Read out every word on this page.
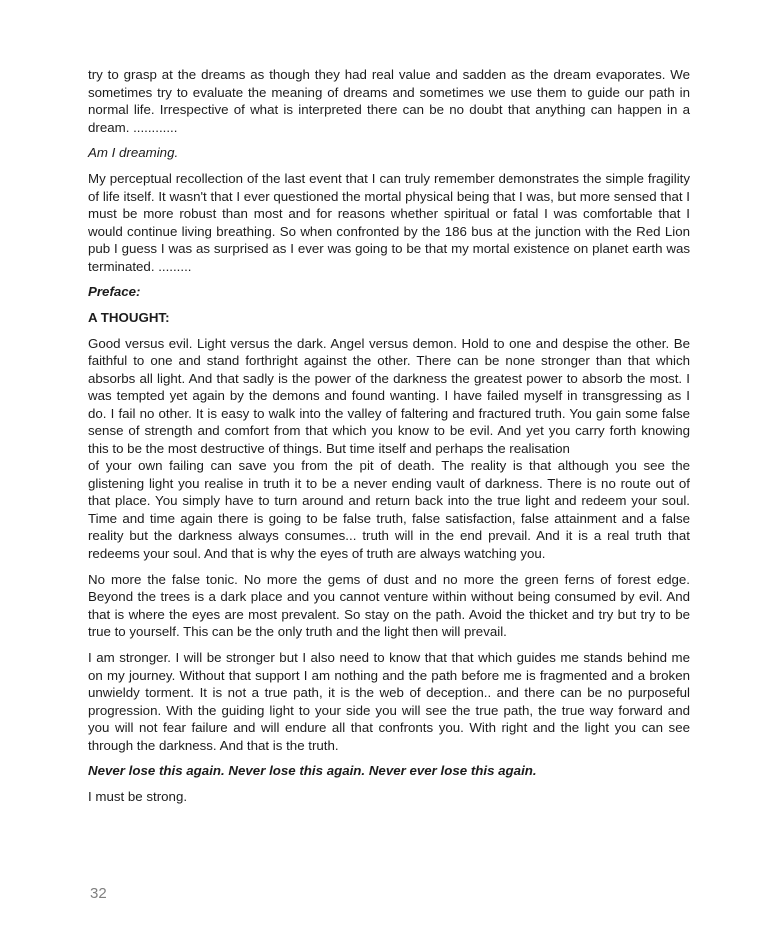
try to grasp at the dreams as though they had real value and sadden as the dream evaporates. We sometimes try to evaluate the meaning of dreams and sometimes we use them to guide our path in normal life. Irrespective of what is interpreted there can be no doubt that anything can happen in a dream. ............

Am I dreaming.

My perceptual recollection of the last event that I can truly remember demonstrates the simple fragility of life itself. It wasn't that I ever questioned the mortal physical being that I was, but more sensed that I must be more robust than most and for reasons whether spiritual or fatal I was comfortable that I would continue living breathing. So when confronted by the 186 bus at the junction with the Red Lion pub I guess I was as surprised as I ever was going to be that my mortal existence on planet earth was terminated. .........

Preface:

A THOUGHT:

Good versus evil. Light versus the dark. Angel versus demon. Hold to one and despise the other. Be faithful to one and stand forthright against the other. There can be none stronger than that which absorbs all light. And that sadly is the power of the darkness the greatest power to absorb the most. I was tempted yet again by the demons and found wanting. I have failed myself in transgressing as I do. I fail no other. It is easy to walk into the valley of faltering and fractured truth. You gain some false sense of strength and comfort from that which you know to be evil. And yet you carry forth knowing this to be the most destructive of things. But time itself and perhaps the realisation
of your own failing can save you from the pit of death. The reality is that although you see the glistening light you realise in truth it to be a never ending vault of darkness. There is no route out of that place. You simply have to turn around and return back into the true light and redeem your soul. Time and time again there is going to be false truth, false satisfaction, false attainment and a false reality but the darkness always consumes... truth will in the end prevail. And it is a real truth that redeems your soul. And that is why the eyes of truth are always watching you.

No more the false tonic. No more the gems of dust and no more the green ferns of forest edge. Beyond the trees is a dark place and you cannot venture within without being consumed by evil. And that is where the eyes are most prevalent. So stay on the path. Avoid the thicket and try but try to be true to yourself. This can be the only truth and the light then will prevail.

I am stronger. I will be stronger but I also need to know that that which guides me stands behind me on my journey. Without that support I am nothing and the path before me is fragmented and a broken unwieldy torment. It is not a true path, it is the web of deception.. and there can be no purposeful progression. With the guiding light to your side you will see the true path, the true way forward and you will not fear failure and will endure all that confronts you. With right and the light you can see through the darkness. And that is the truth.

Never lose this again. Never lose this again. Never ever lose this again.

I must be strong.

32
